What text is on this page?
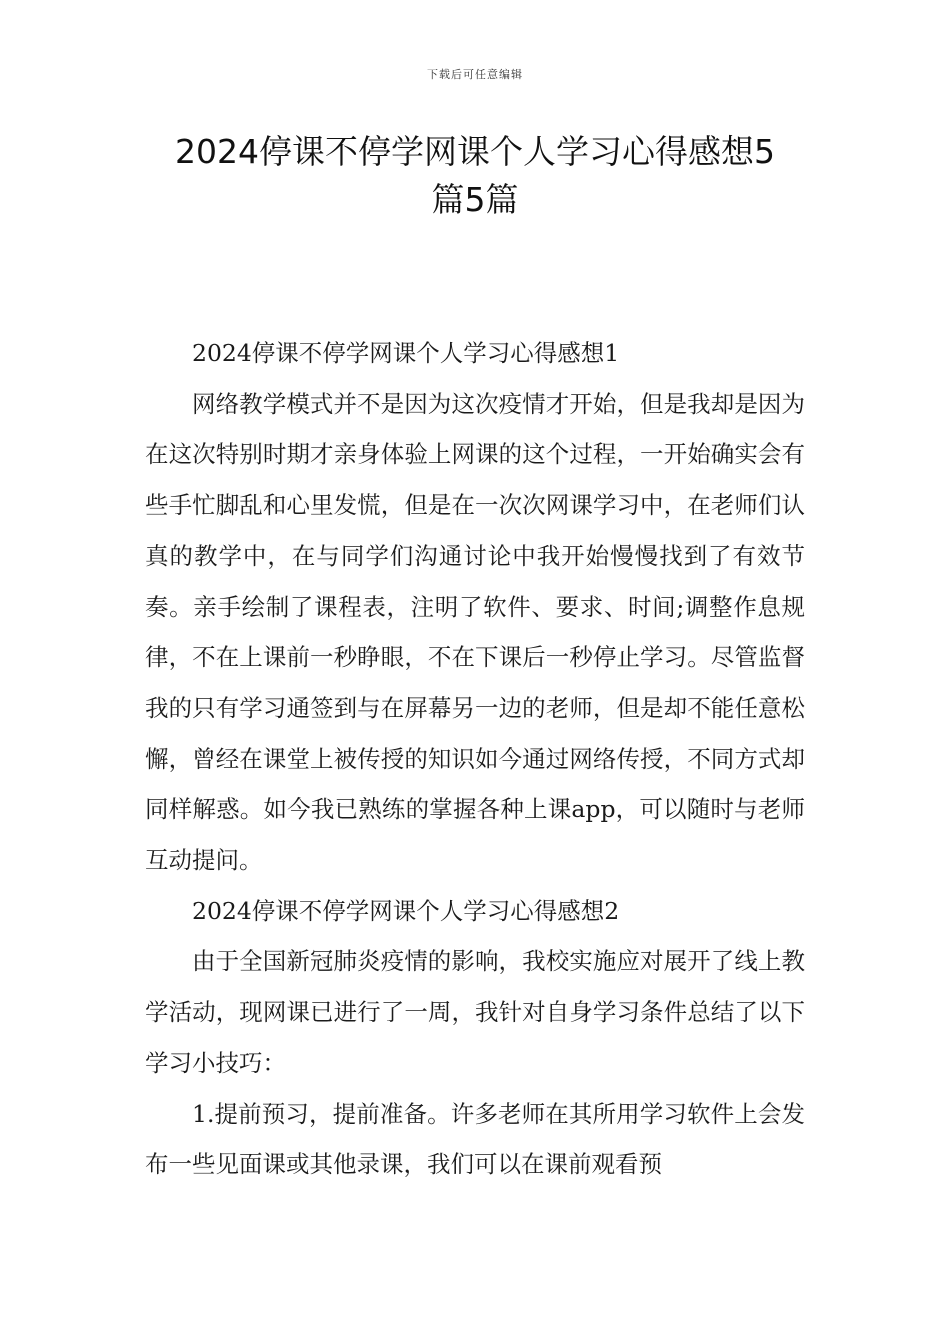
下载后可任意编辑
2024停课不停学网课个人学习心得感想5
篇5篇

2024停课不停学网课个人学习心得感想1

网络教学模式并不是因为这次疫情才开始，但是我却是因为在这次特别时期才亲身体验上网课的这个过程，一开始确实会有些手忙脚乱和心里发慌，但是在一次次网课学习中，在老师们认真的教学中，在与同学们沟通讨论中我开始慢慢找到了有效节奏。亲手绘制了课程表，注明了软件、要求、时间;调整作息规律，不在上课前一秒睁眼，不在下课后一秒停止学习。尽管监督我的只有学习通签到与在屏幕另一边的老师，但是却不能任意松懈，曾经在课堂上被传授的知识如今通过网络传授，不同方式却同样解惑。如今我已熟练的掌握各种上课app，可以随时与老师互动提问。

2024停课不停学网课个人学习心得感想2

由于全国新冠肺炎疫情的影响，我校实施应对展开了线上教学活动，现网课已进行了一周，我针对自身学习条件总结了以下学习小技巧：

1.提前预习，提前准备。许多老师在其所用学习软件上会发布一些见面课或其他录课，我们可以在课前观看预
